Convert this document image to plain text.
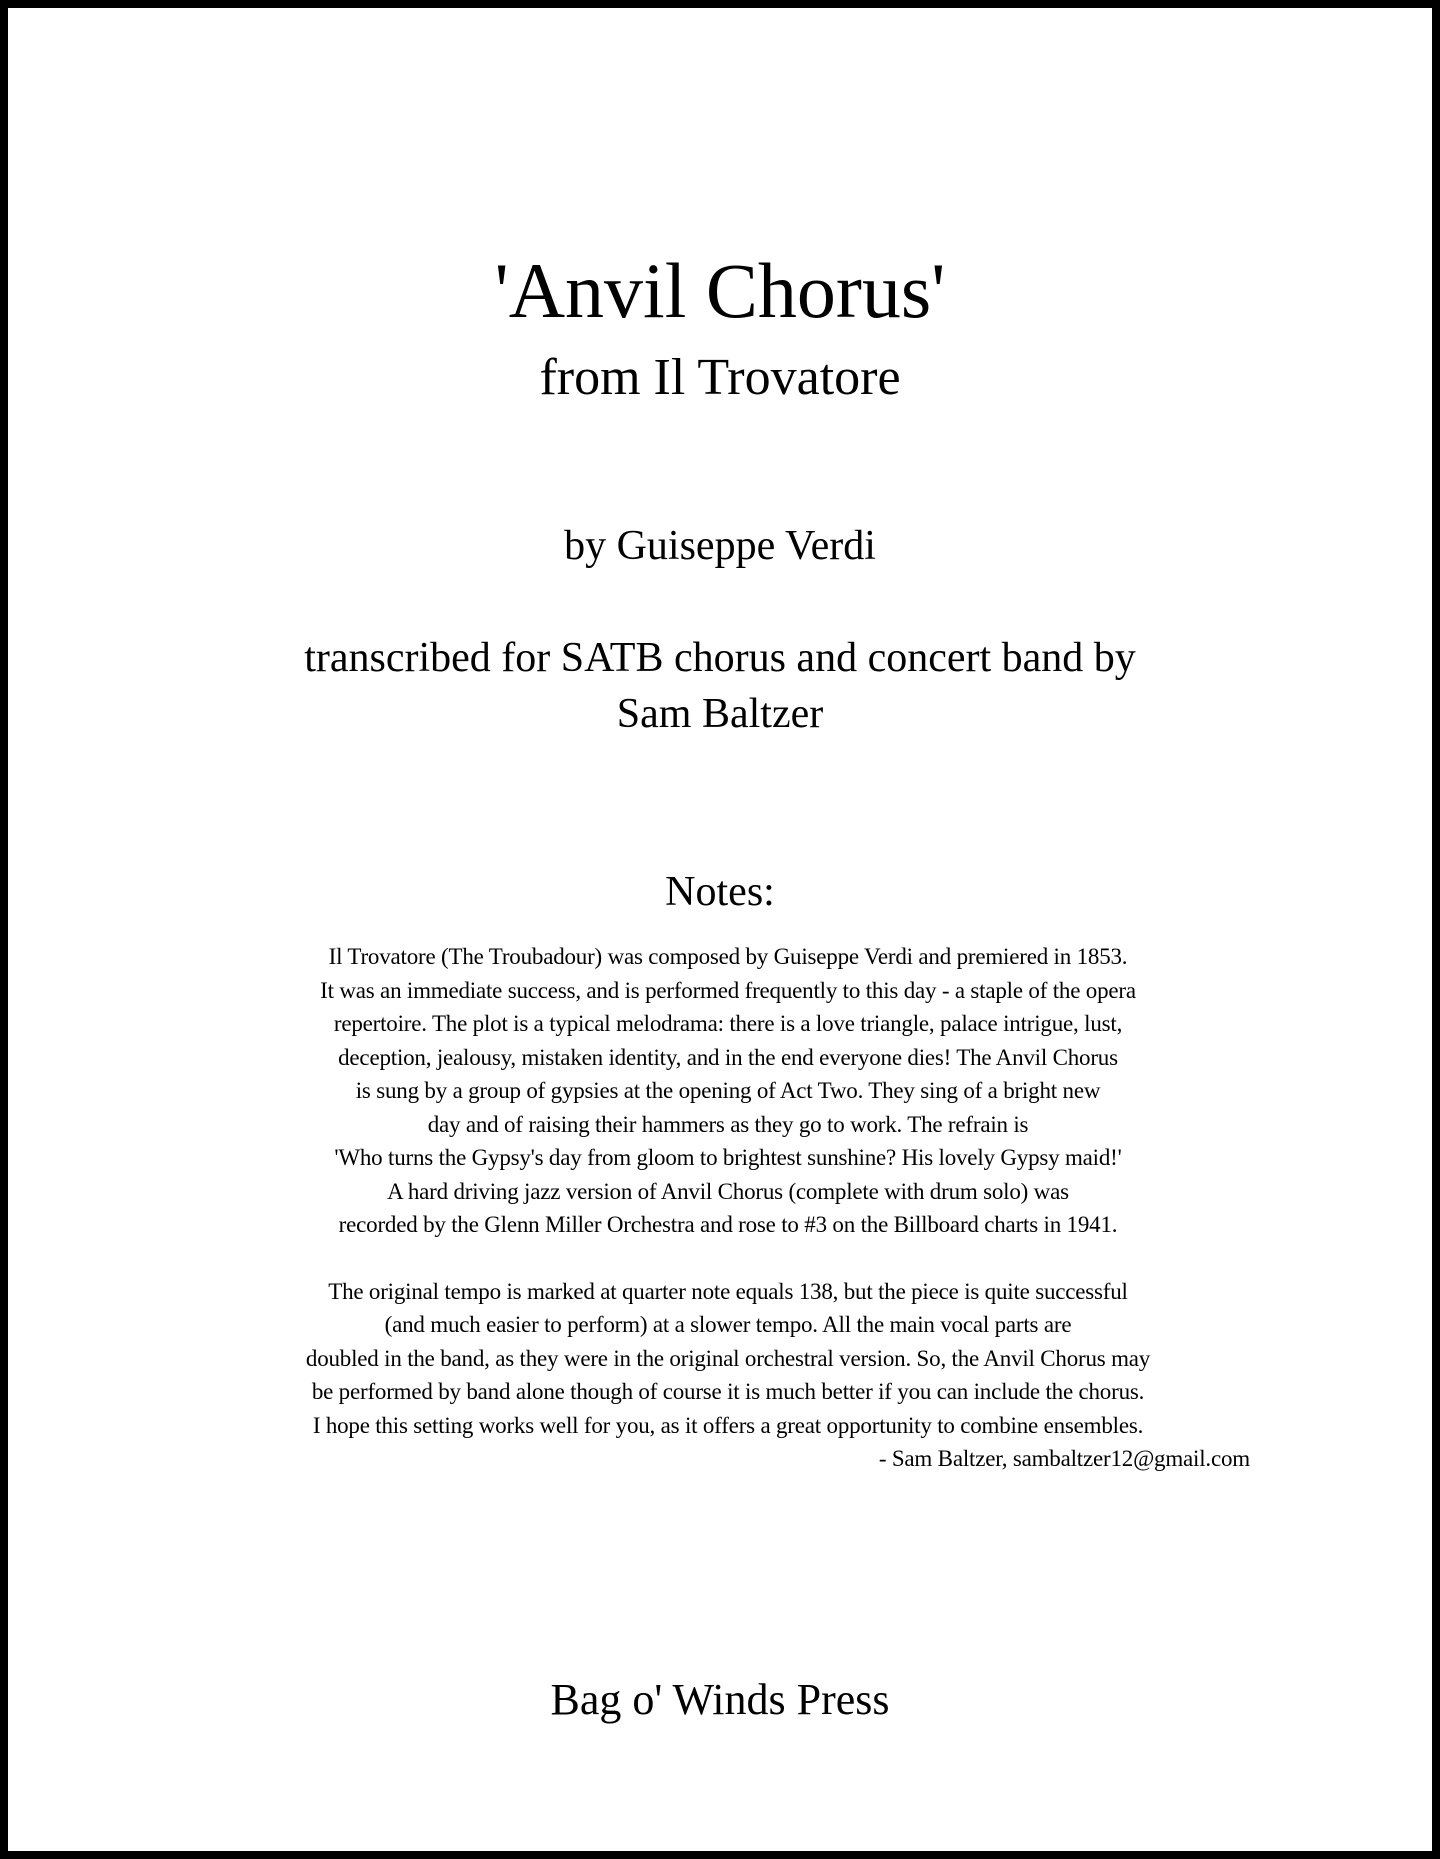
'Anvil Chorus'
from Il Trovatore
by Guiseppe Verdi
transcribed for SATB chorus and concert band by
Sam Baltzer
Notes:

Il Trovatore (The Troubadour) was composed by Guiseppe Verdi and premiered in 1853.
It was an immediate success, and is performed frequently to this day - a staple of the opera
repertoire. The plot is a typical melodrama: there is a love triangle, palace intrigue, lust,
deception, jealousy, mistaken identity, and in the end everyone dies! The Anvil Chorus
is sung by a group of gypsies at the opening of Act Two. They sing of a bright new
day and of raising their hammers as they go to work. The refrain is
'Who turns the Gypsy's day from gloom to brightest sunshine? His lovely Gypsy maid!'
A hard driving jazz version of Anvil Chorus (complete with drum solo) was
recorded by the Glenn Miller Orchestra and rose to #3 on the Billboard charts in 1941.

The original tempo is marked at quarter note equals 138, but the piece is quite successful
(and much easier to perform) at a slower tempo. All the main vocal parts are
doubled in the band, as they were in the original orchestral version. So, the Anvil Chorus may
be performed by band alone though of course it is much better if you can include the chorus.
I hope this setting works well for you, as it offers a great opportunity to combine ensembles.
- Sam Baltzer, sambaltzer12@gmail.com

Bag o' Winds Press
